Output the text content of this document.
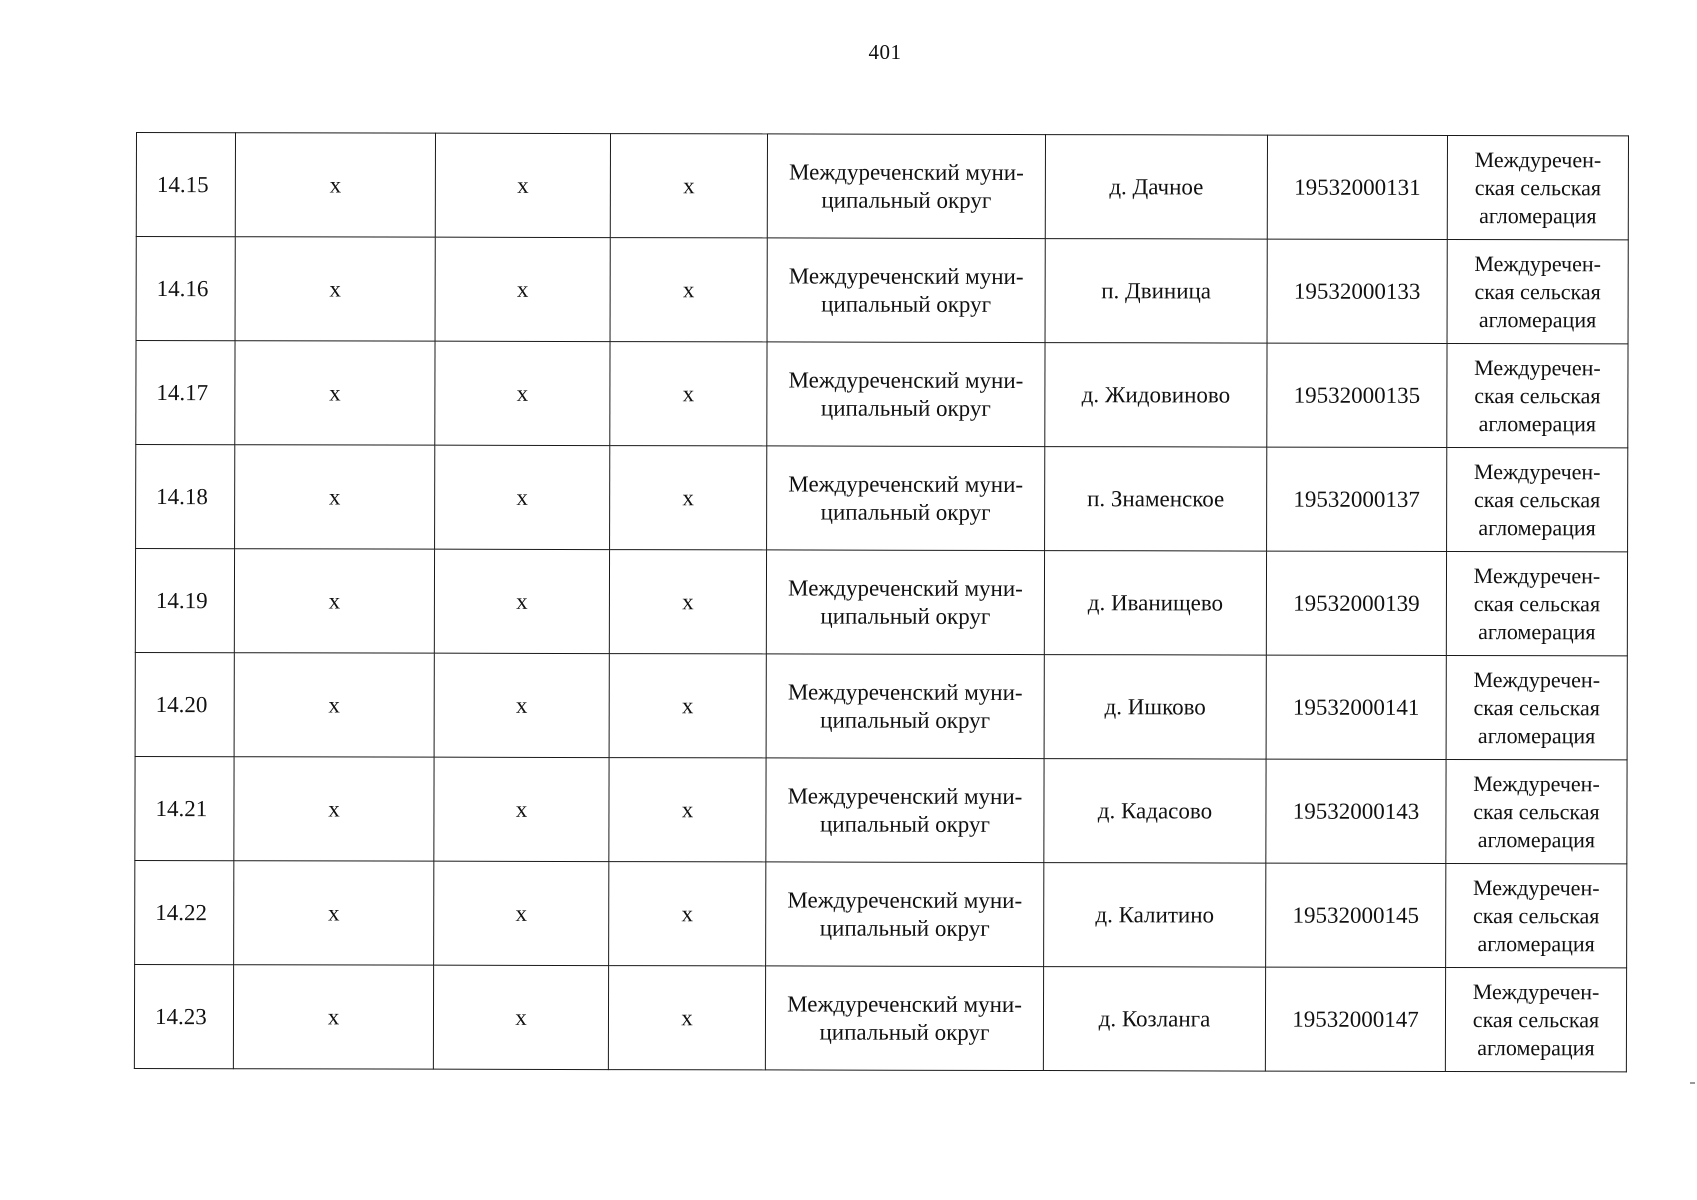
401
14.15	x	x	x	Междуреченский муни-
ципальный округ	д. Дачное	19532000131	Междуречен-
ская сельская
агломерация
14.16	x	x	x	Междуреченский муни-
ципальный округ	п. Двиница	19532000133	Междуречен-
ская сельская
агломерация
14.17	x	x	x	Междуреченский муни-
ципальный округ	д. Жидовиново	19532000135	Междуречен-
ская сельская
агломерация
14.18	x	x	x	Междуреченский муни-
ципальный округ	п. Знаменское	19532000137	Междуречен-
ская сельская
агломерация
14.19	x	x	x	Междуреченский муни-
ципальный округ	д. Иванищево	19532000139	Междуречен-
ская сельская
агломерация
14.20	x	x	x	Междуреченский муни-
ципальный округ	д. Ишково	19532000141	Междуречен-
ская сельская
агломерация
14.21	x	x	x	Междуреченский муни-
ципальный округ	д. Кадасово	19532000143	Междуречен-
ская сельская
агломерация
14.22	x	x	x	Междуреченский муни-
ципальный округ	д. Калитино	19532000145	Междуречен-
ская сельская
агломерация
14.23	x	x	x	Междуреченский муни-
ципальный округ	д. Козланга	19532000147	Междуречен-
ская сельская
агломерация
